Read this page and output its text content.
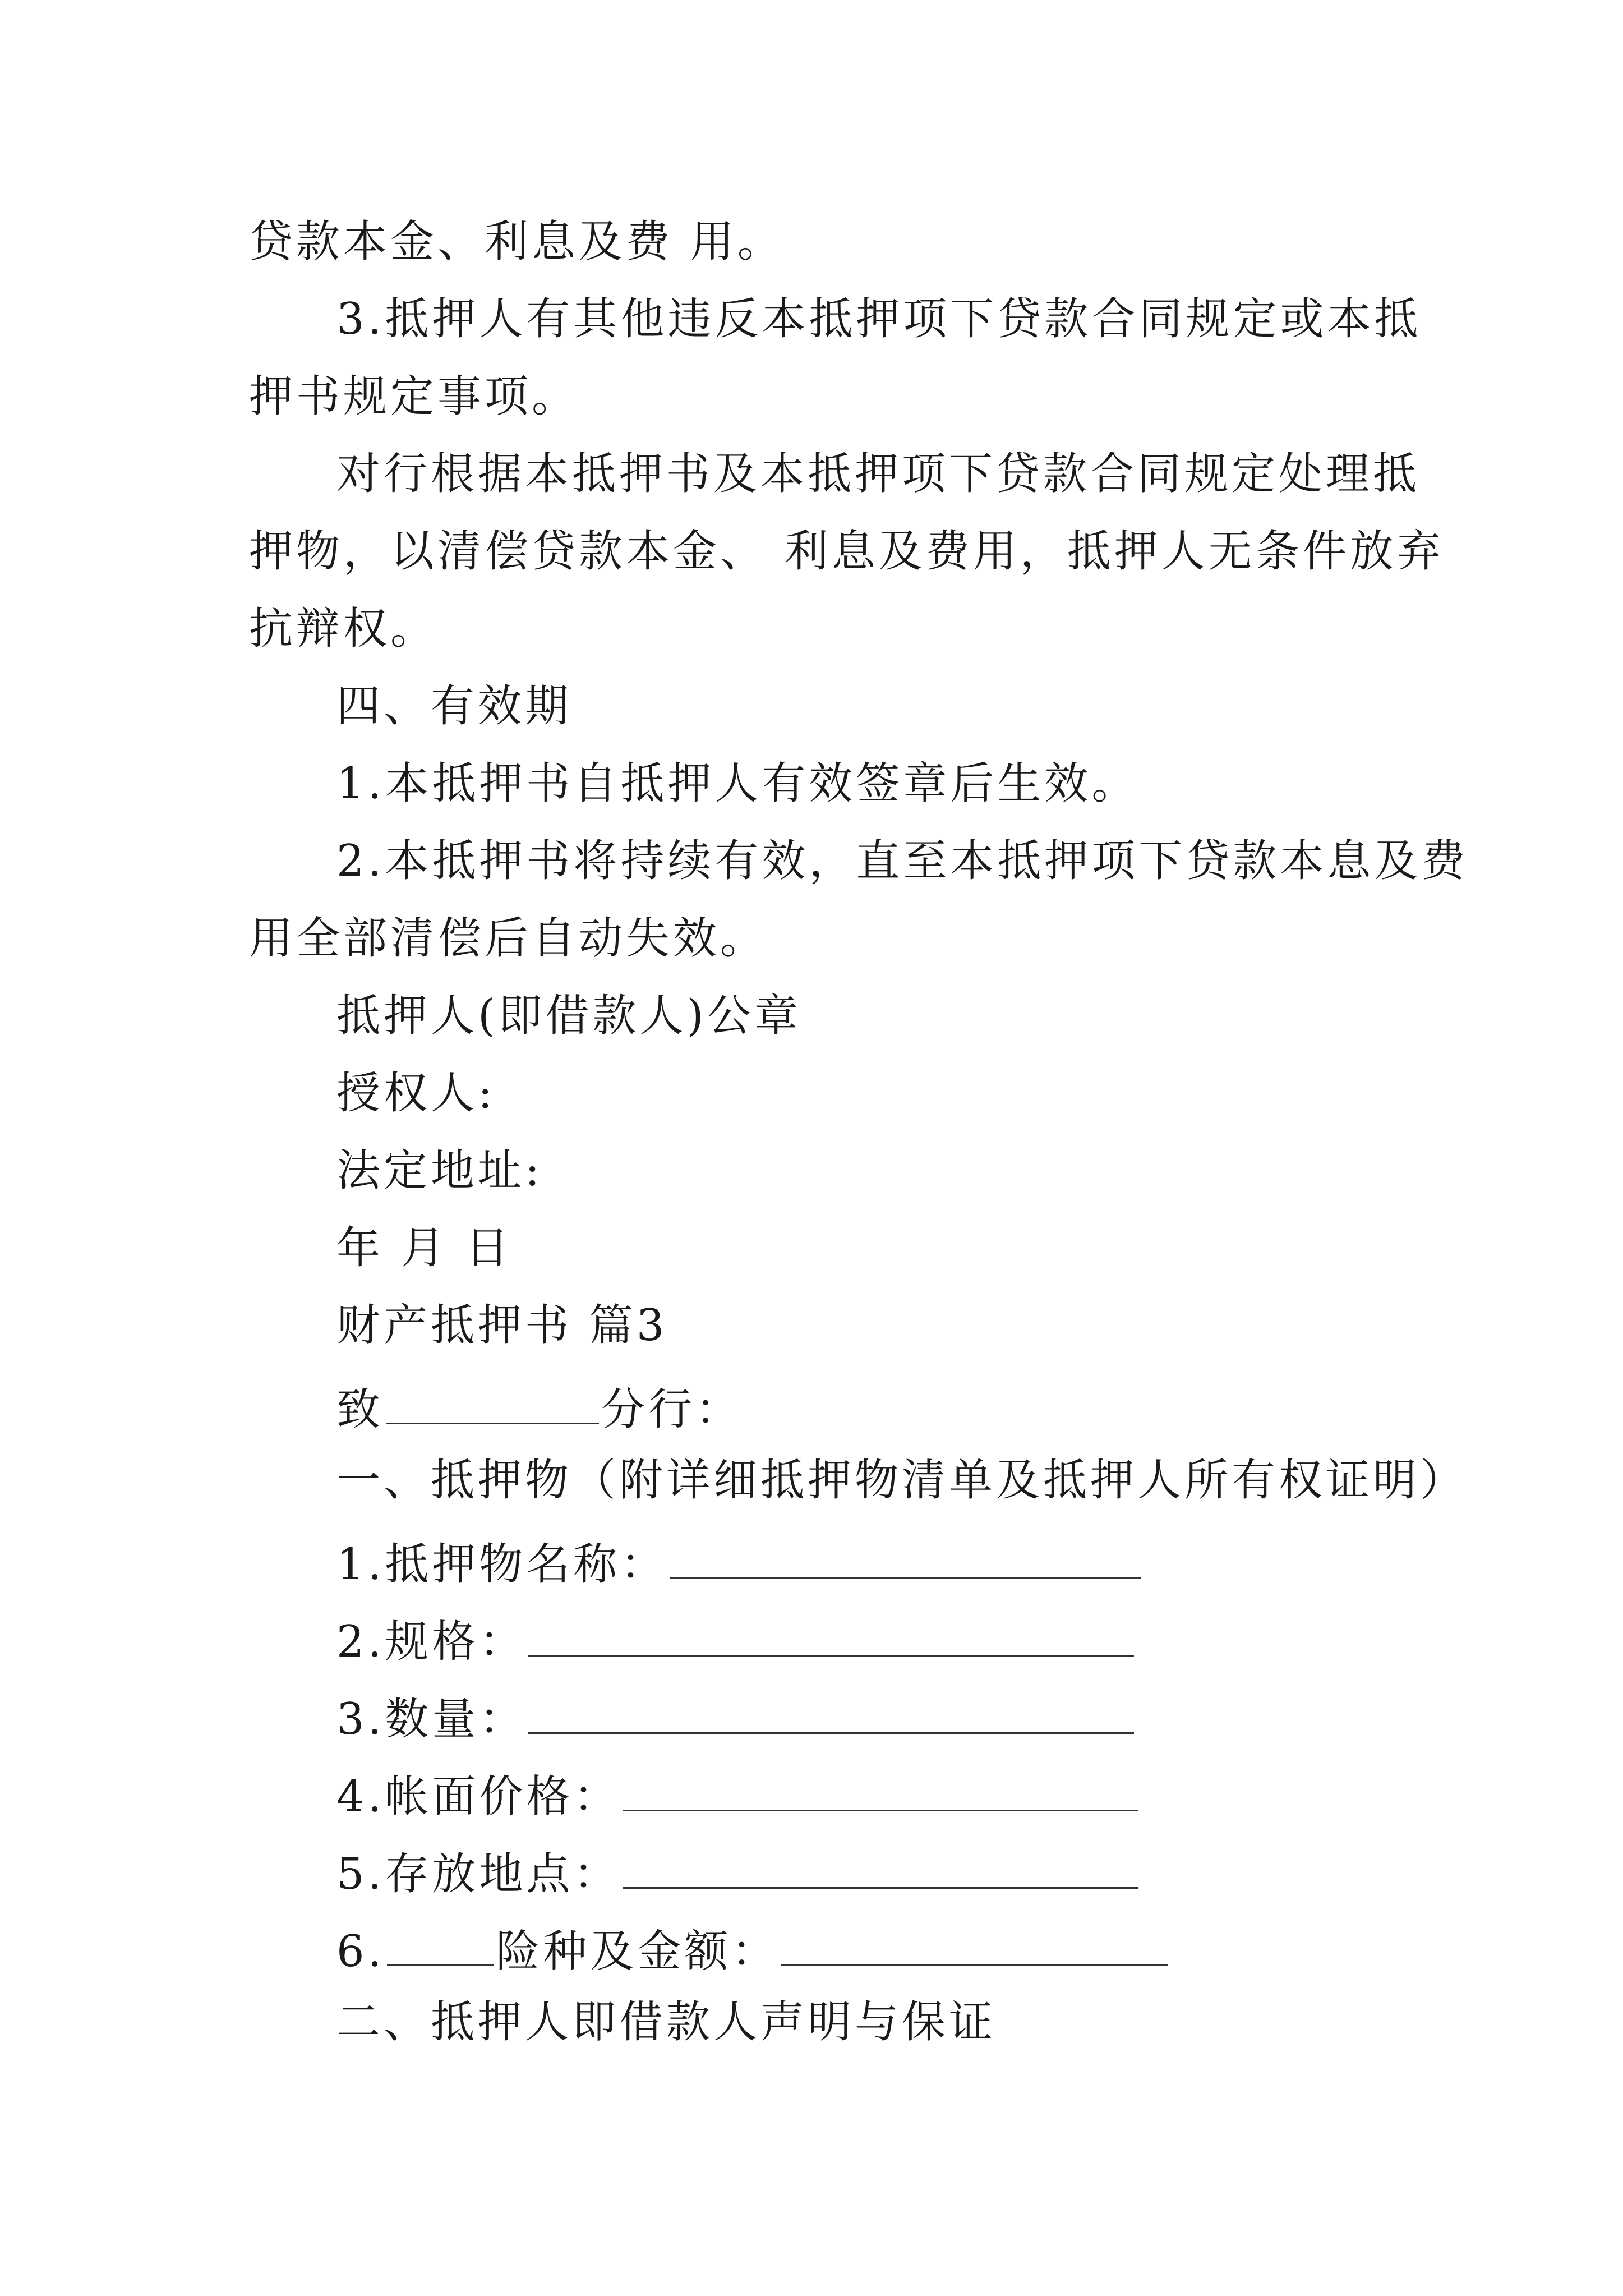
贷款本金、利息及费 用。
3.抵押人有其他违反本抵押项下贷款合同规定或本抵
押书规定事项。
对行根据本抵押书及本抵押项下贷款合同规定处理抵
押物，以清偿贷款本金、 利息及费用，抵押人无条件放弃
抗辩权。
四、有效期
1.本抵押书自抵押人有效签章后生效。
2.本抵押书将持续有效，直至本抵押项下贷款本息及费
用全部清偿后自动失效。
抵押人(即借款人)公章
授权人:
法定地址:
年 月 日
财产抵押书 篇3
致	分行：
一、抵押物（附详细抵押物清单及抵押人所有权证明）
1.抵押物名称：
2.规格：
3.数量：
4.帐面价格：
5.存放地点：
6.	险种及金额：
二、抵押人即借款人声明与保证
